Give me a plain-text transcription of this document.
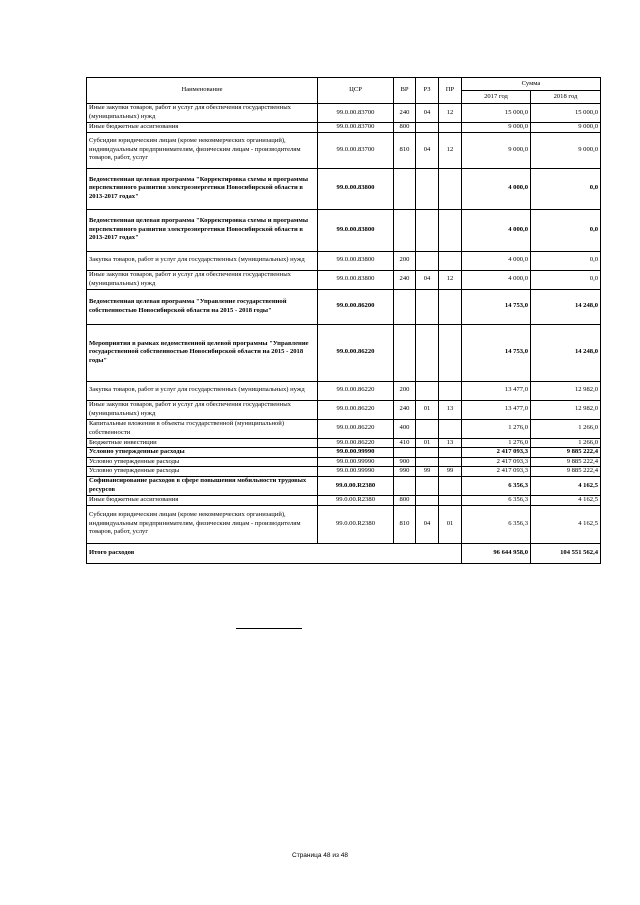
Наименование	ЦСР	ВР	РЗ	ПР	Сумма	
					2017 год	2018 год
Иные закупки товаров, работ и услуг для обеспечения государственных (муниципальных) нужд	99.0.00.83700	240	04	12	15 000,0	15 000,0
Иные бюджетные ассигнования	99.0.00.83700	800			9 000,0	9 000,0
Субсидии юридическим лицам (кроме некоммерческих организаций), индивидуальным предпринимателям, физическим лицам - производителям товаров, работ, услуг	99.0.00.83700	810	04	12	9 000,0	9 000,0
Ведомственная целевая программа "Корректировка схемы и программы перспективного развития электроэнергетики Новосибирской области в 2013-2017 годах"	99.0.00.83800				4 000,0	0,0
Ведомственная целевая программа "Корректировка схемы и программы перспективного развития электроэнергетики Новосибирской области в 2013-2017 годах"	99.0.00.83800				4 000,0	0,0
Закупка товаров, работ и услуг для государственных (муниципальных) нужд	99.0.00.83800	200			4 000,0	0,0
Иные закупки товаров, работ и услуг для обеспечения государственных (муниципальных) нужд	99.0.00.83800	240	04	12	4 000,0	0,0
Ведомственная целевая программа "Управление государственной собственностью Новосибирской области на 2015 - 2018 годы"	99.0.00.86200				14 753,0	14 248,0
Мероприятия в рамках ведомственной целевой программы "Управление государственной собственностью Новосибирской области на 2015 - 2018 годы"	99.0.00.86220				14 753,0	14 248,0
Закупка товаров, работ и услуг для государственных (муниципальных) нужд	99.0.00.86220	200			13 477,0	12 982,0
Иные закупки товаров, работ и услуг для обеспечения государственных (муниципальных) нужд	99.0.00.86220	240	01	13	13 477,0	12 982,0
Капитальные вложения в объекты государственной (муниципальной) собственности	99.0.00.86220	400			1 276,0	1 266,0
Бюджетные инвестиции	99.0.00.86220	410	01	13	1 276,0	1 266,0
Условно утвержденные расходы	99.0.00.99990				2 417 093,3	9 885 222,4
Условно утвержденные расходы	99.0.00.99990	900			2 417 093,3	9 885 222,4
Условно утвержденные расходы	99.0.00.99990	990	99	99	2 417 093,3	9 885 222,4
Софинансирование расходов в сфере повышения мобильности трудовых ресурсов	99.0.00.R2380				6 356,3	4 162,5
Иные бюджетные ассигнования	99.0.00.R2380	800			6 356,3	4 162,5
Субсидии юридическим лицам (кроме некоммерческих организаций), индивидуальным предпринимателям, физическим лицам - производителям товаров, работ, услуг	99.0.00.R2380	810	04	01	6 356,3	4 162,5
Итого расходов					96 644 958,0	104 551 562,4
Страница 48 из 48
